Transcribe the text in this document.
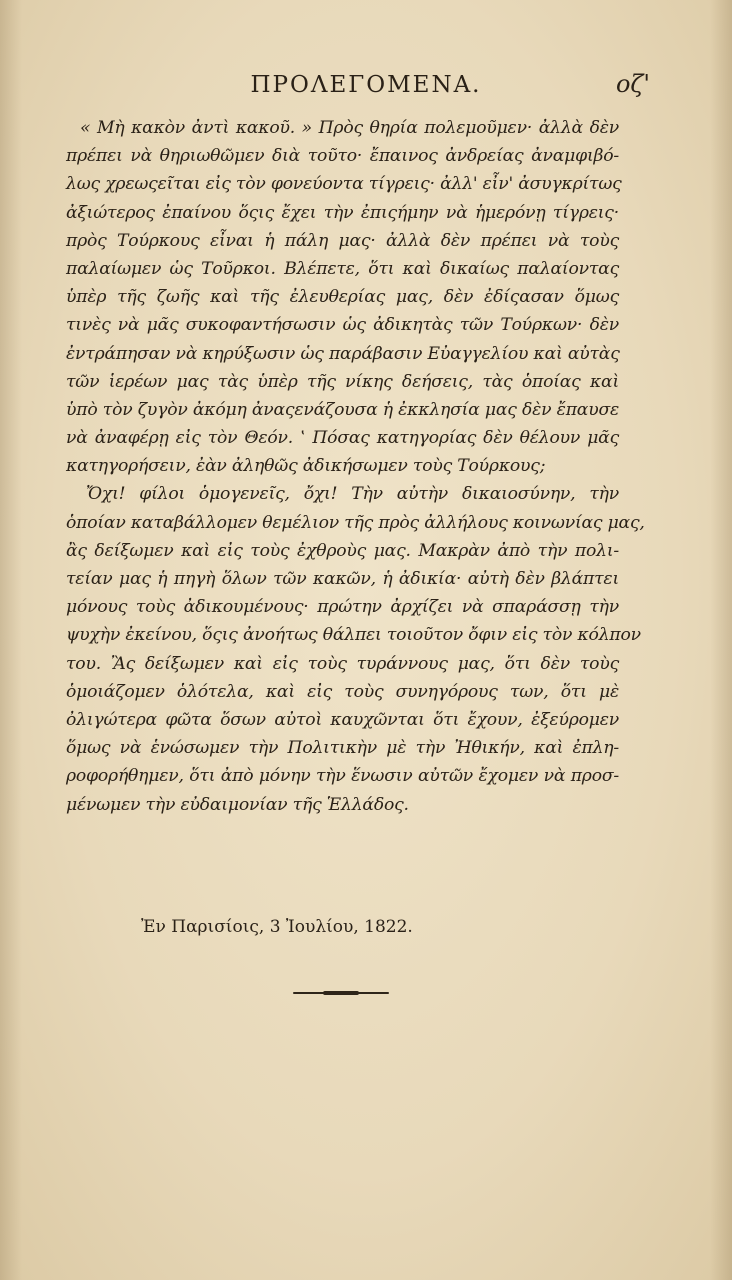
ΠΡΟΛΕΓΟΜΕΝΑ.	οζ'
« Μὴ κακὸν ἀντὶ κακοῦ. » Πρὸς θηρία πολεμοῦμεν· ἀλλὰ δὲν
πρέπει νὰ θηριωθῶμεν διὰ τοῦτο· ἔπαινος ἀνδρείας ἀναμφιβό-
λως χρεωςεῖται εἰς τὸν φονεύοντα τίγρεις· ἀλλ' εἶν' ἀσυγκρίτως
ἀξιώτερος ἐπαίνου ὅςις ἔχει τὴν ἐπιςήμην νὰ ἡμερόνῃ τίγρεις·
πρὸς Τούρκους εἶναι ἡ πάλη μας· ἀλλὰ δὲν πρέπει νὰ τοὺς
παλαίωμεν ὡς Τοῦρκοι. Βλέπετε, ὅτι καὶ δικαίως παλαίοντας
ὑπὲρ τῆς ζωῆς καὶ τῆς ἐλευθερίας μας, δὲν ἐδίςασαν ὅμως
τινὲς νὰ μᾶς συκοφαντήσωσιν ὡς ἀδικητὰς τῶν Τούρκων· δὲν
ἐντράπησαν νὰ κηρύξωσιν ὡς παράβασιν Εὐαγγελίου καὶ αὐτὰς
τῶν ἱερέων μας τὰς ὑπὲρ τῆς νίκης δεήσεις, τὰς ὁποίας καὶ
ὑπὸ τὸν ζυγὸν ἀκόμη ἀναςενάζουσα ἡ ἐκκλησία μας δὲν ἔπαυσε
νὰ ἀναφέρῃ εἰς τὸν Θεόν. ‛ Πόσας κατηγορίας δὲν θέλουν μᾶς
κατηγορήσειν, ἐὰν ἀληθῶς ἀδικήσωμεν τοὺς Τούρκους;
Ὄχι! φίλοι ὁμογενεῖς, ὄχι! Τὴν αὐτὴν δικαιοσύνην, τὴν
ὁποίαν καταβάλλομεν θεμέλιον τῆς πρὸς ἀλλήλους κοινωνίας μας,
ἂς δείξωμεν καὶ εἰς τοὺς ἐχθροὺς μας. Μακρὰν ἀπὸ τὴν πολι-
τείαν μας ἡ πηγὴ ὅλων τῶν κακῶν, ἡ ἀδικία· αὐτὴ δὲν βλάπτει
μόνους τοὺς ἀδικουμένους· πρώτην ἀρχίζει νὰ σπαράσσῃ τὴν
ψυχὴν ἐκείνου, ὅςις ἀνοήτως θάλπει τοιοῦτον ὄφιν εἰς τὸν κόλπον
του. Ἂς δείξωμεν καὶ εἰς τοὺς τυράννους μας, ὅτι δὲν τοὺς
ὁμοιάζομεν ὁλότελα, καὶ εἰς τοὺς συνηγόρους των, ὅτι μὲ
ὀλιγώτερα φῶτα ὅσων αὐτοὶ καυχῶνται ὅτι ἔχουν, ἐξεύρομεν
ὅμως νὰ ἑνώσωμεν τὴν Πολιτικὴν μὲ τὴν Ἠθικήν, καὶ ἐπλη-
ροφορήθημεν, ὅτι ἀπὸ μόνην τὴν ἕνωσιν αὐτῶν ἔχομεν νὰ προσ-
μένωμεν τὴν εὐδαιμονίαν τῆς Ἑλλάδος.
Ἐν Παρισίοις, 3 Ἰουλίου, 1822.
